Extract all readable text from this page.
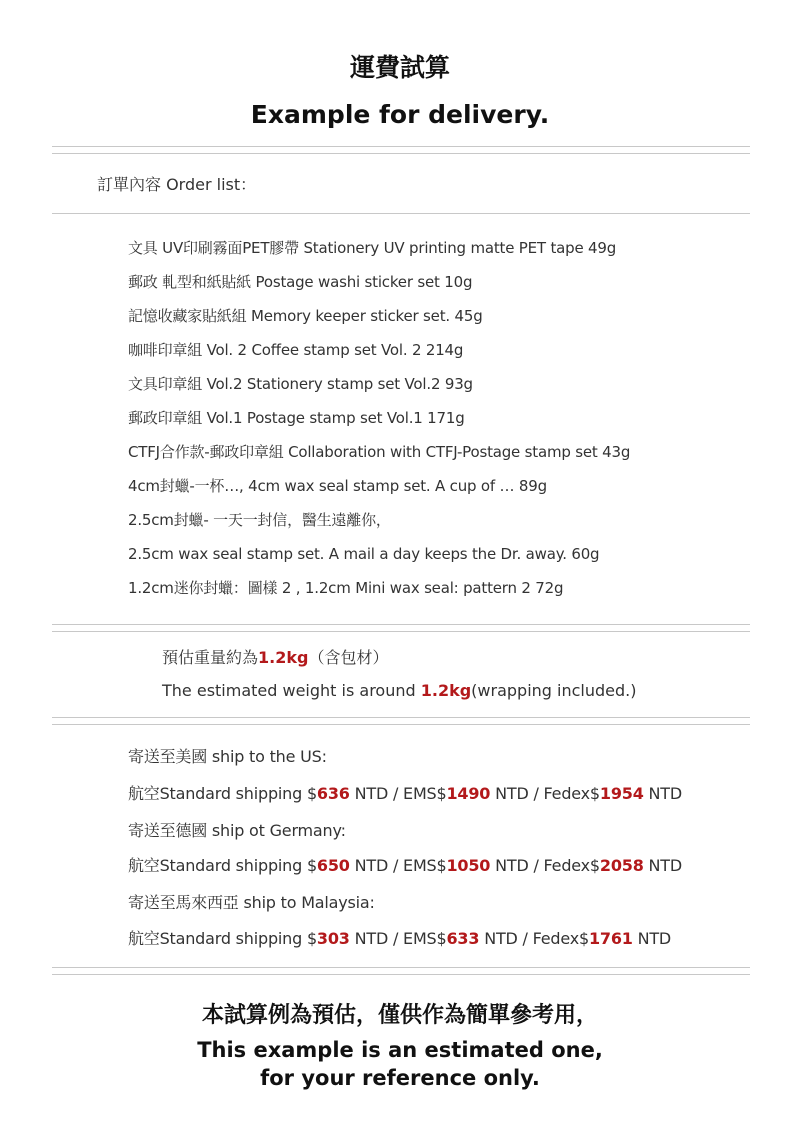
運費試算
Example for delivery.
訂單內容 Order list：
文具 UV印刷霧面PET膠帶 Stationery UV printing matte PET tape 49g
郵政 軋型和紙貼紙 Postage washi sticker set 10g
記憶收藏家貼紙組 Memory keeper sticker set. 45g
咖啡印章組 Vol. 2 Coffee stamp set Vol. 2 214g
文具印章組 Vol.2 Stationery stamp set Vol.2 93g
郵政印章組 Vol.1 Postage stamp set Vol.1 171g
CTFJ合作款-郵政印章組 Collaboration with CTFJ-Postage stamp set 43g
4cm封蠟-一杯…, 4cm wax seal stamp set. A cup of … 89g
2.5cm封蠟- 一天一封信，醫生遠離你，
2.5cm wax seal stamp set. A mail a day keeps the Dr. away. 60g
1.2cm迷你封蠟：圖樣 2 , 1.2cm Mini wax seal: pattern 2 72g
預估重量約為1.2kg（含包材）
The estimated weight is around 1.2kg(wrapping included.)
寄送至美國 ship to the US:
航空Standard shipping $636 NTD / EMS$1490 NTD / Fedex$1954 NTD
寄送至德國 ship ot Germany:
航空Standard shipping $650 NTD / EMS$1050 NTD / Fedex$2058 NTD
寄送至馬來西亞 ship to Malaysia:
航空Standard shipping $303 NTD / EMS$633 NTD / Fedex$1761 NTD
本試算例為預估，僅供作為簡單參考用，
This example is an estimated one,
for your reference only.
